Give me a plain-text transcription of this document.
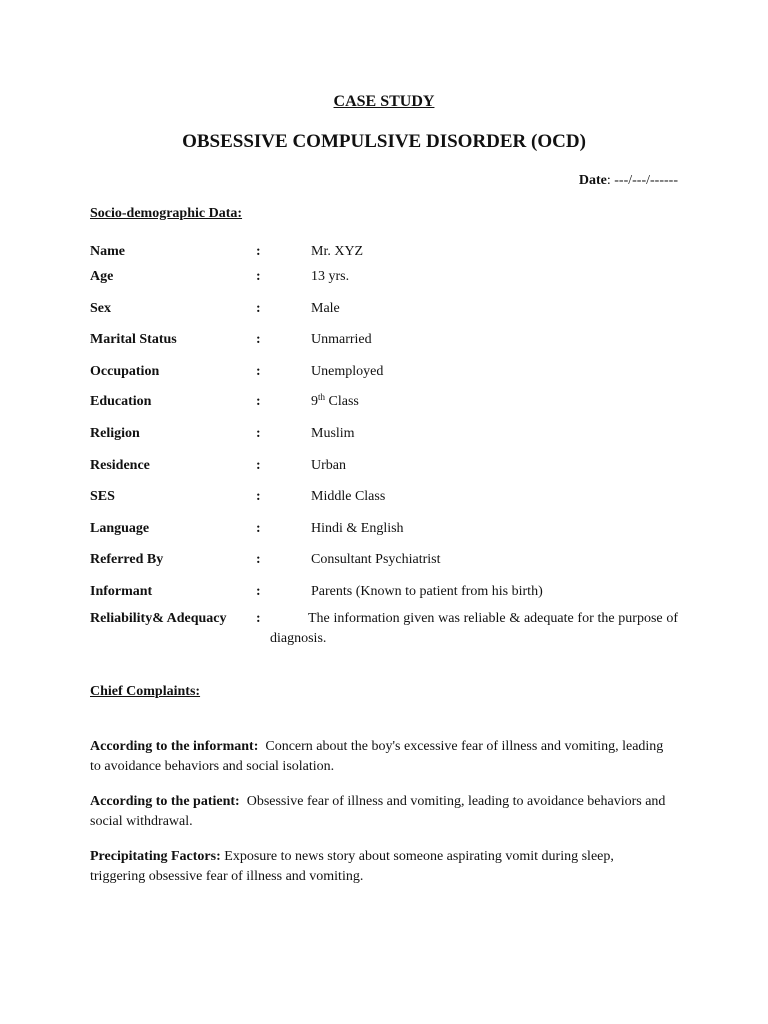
CASE STUDY
OBSESSIVE COMPULSIVE DISORDER (OCD)
Date: ---/---/------
Socio-demographic Data:
Name	:	Mr. XYZ
Age	:	13 yrs.
Sex	:	Male
Marital Status	:	Unmarried
Occupation	:	Unemployed
Education	:	9th Class
Religion	:	Muslim
Residence	:	Urban
SES	:	Middle Class
Language	:	Hindi & English
Referred By	:	Consultant Psychiatrist
Informant	:	Parents (Known to patient from his birth)
Reliability& Adequacy :	The information given was reliable & adequate for the purpose of diagnosis.
Chief Complaints:
According to the informant: Concern about the boy's excessive fear of illness and vomiting, leading to avoidance behaviors and social isolation.
According to the patient: Obsessive fear of illness and vomiting, leading to avoidance behaviors and social withdrawal.
Precipitating Factors: Exposure to news story about someone aspirating vomit during sleep, triggering obsessive fear of illness and vomiting.
